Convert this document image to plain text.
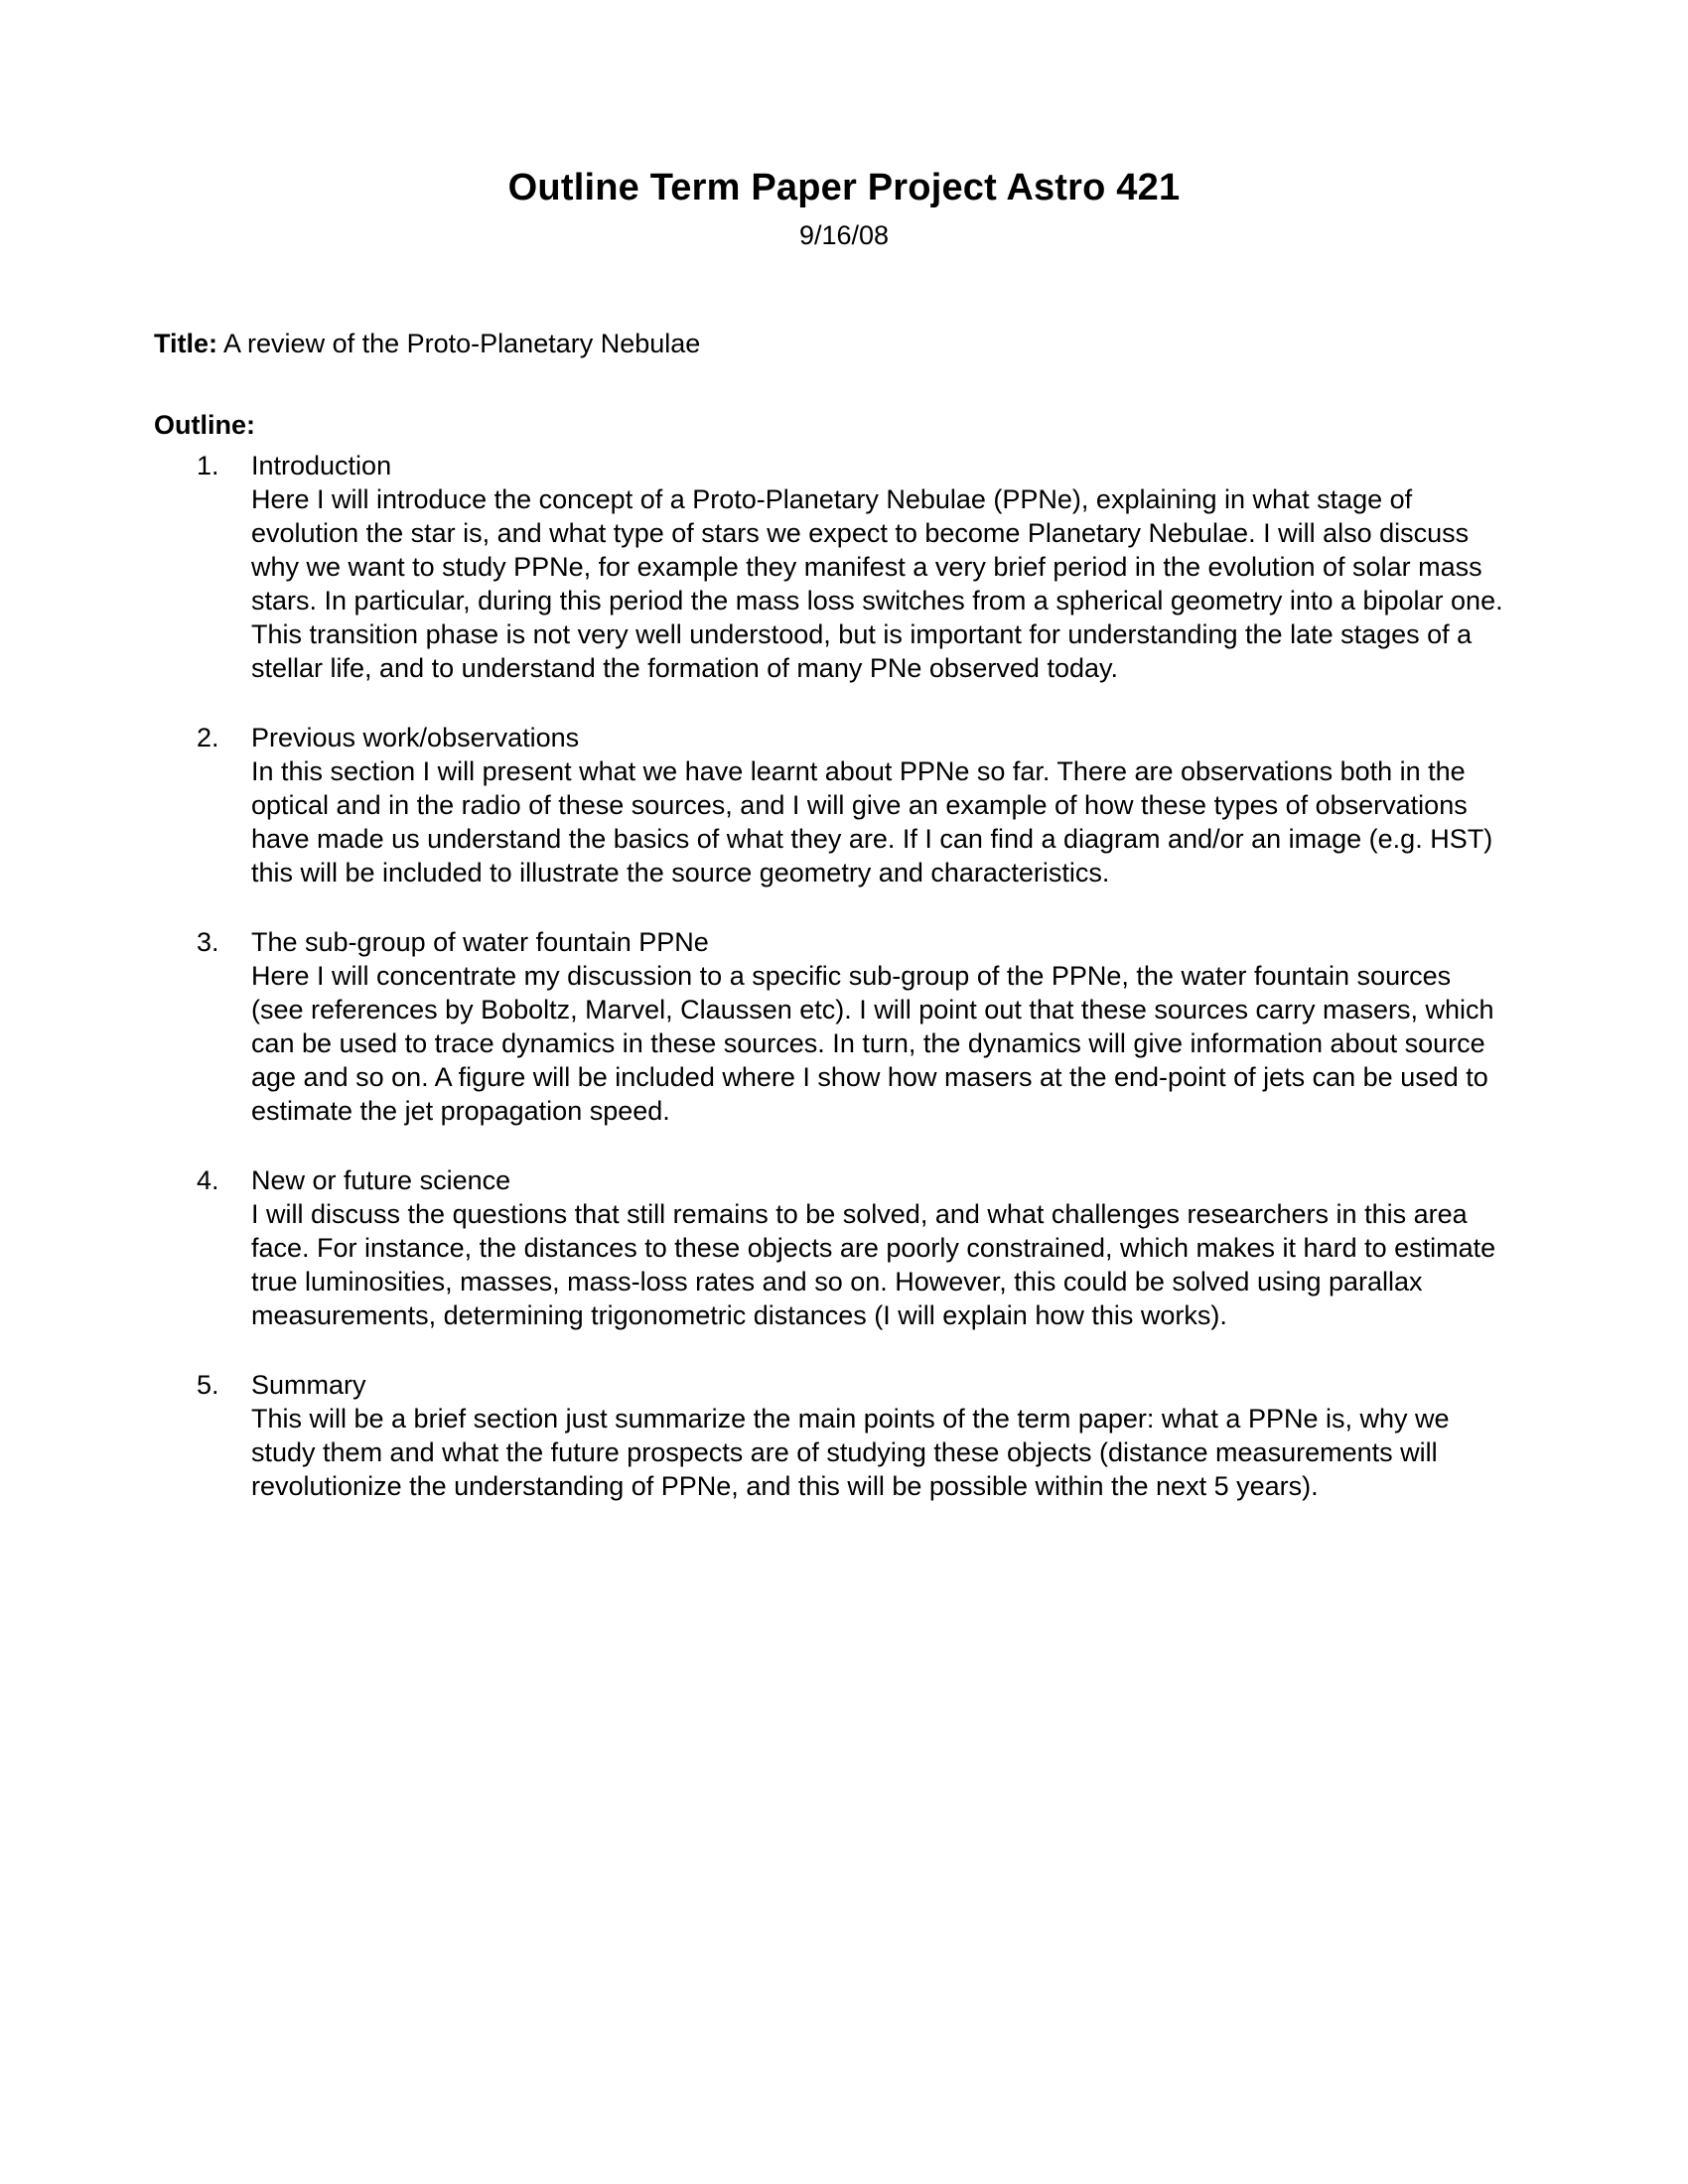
Outline Term Paper Project Astro 421
9/16/08

Title: A review of the Proto-Planetary Nebulae

Outline:

1.	Introduction
Here I will introduce the concept of a Proto-Planetary Nebulae (PPNe), explaining in what stage of evolution the star is, and what type of stars we expect to become Planetary Nebulae. I will also discuss why we want to study PPNe, for example they manifest a very brief period in the evolution of solar mass stars. In particular, during this period the mass loss switches from a spherical geometry into a bipolar one. This transition phase is not very well understood, but is important for understanding the late stages of a stellar life, and to understand the formation of many PNe observed today.
2.	Previous work/observations
In this section I will present what we have learnt about PPNe so far. There are observations both in the optical and in the radio of these sources, and I will give an example of how these types of observations have made us understand the basics of what they are. If I can find a diagram and/or an image (e.g. HST) this will be included to illustrate the source geometry and characteristics.
3.	The sub-group of water fountain PPNe
Here I will concentrate my discussion to a specific sub-group of the PPNe, the water fountain sources (see references by Boboltz, Marvel, Claussen etc). I will point out that these sources carry masers, which can be used to trace dynamics in these sources. In turn, the dynamics will give information about source age and so on. A figure will be included where I show how masers at the end-point of jets can be used to estimate the jet propagation speed.
4.	New or future science
I will discuss the questions that still remains to be solved, and what challenges researchers in this area face. For instance, the distances to these objects are poorly constrained, which makes it hard to estimate true luminosities, masses, mass-loss rates and so on. However, this could be solved using parallax measurements, determining trigonometric distances (I will explain how this works).
5.	Summary
This will be a brief section just summarize the main points of the term paper: what a PPNe is, why we study them and what the future prospects are of studying these objects (distance measurements will revolutionize the understanding of PPNe, and this will be possible within the next 5 years).
